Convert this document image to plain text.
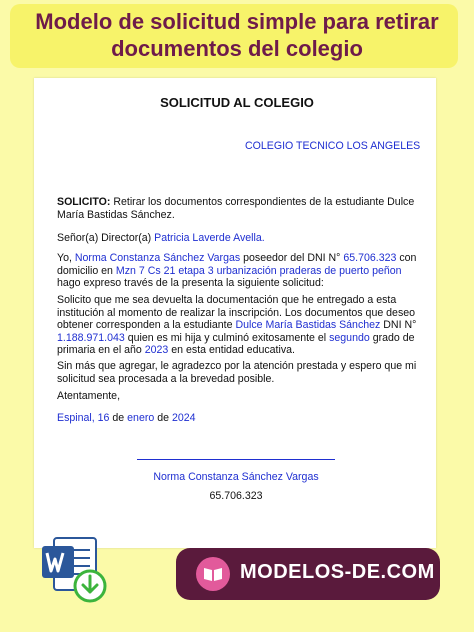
Modelo de solicitud simple para retirar documentos del colegio
SOLICITUD AL COLEGIO
COLEGIO TECNICO LOS ANGELES
SOLICITO: Retirar los documentos correspondientes de la estudiante Dulce María Bastidas Sánchez.
Señor(a) Director(a) Patricia Laverde Avella.
Yo, Norma Constanza Sánchez Vargas poseedor del DNI N° 65.706.323 con domicilio en Mzn 7 Cs 21 etapa 3 urbanización praderas de puerto peñon hago expreso través de la presenta la siguiente solicitud:
Solicito que me sea devuelta la documentación que he entregado a esta institución al momento de realizar la inscripción. Los documentos que deseo obtener corresponden a la estudiante Dulce María Bastidas Sánchez DNI N° 1.188.971.043 quien es mi hija y culminó exitosamente el segundo grado de primaria en el año 2023 en esta entidad educativa.
Sin más que agregar, le agradezco por la atención prestada y espero que mi solicitud sea procesada a la brevedad posible.
Atentamente,
Espinal, 16 de enero de 2024
Norma Constanza Sánchez Vargas
65.706.323
MODELOS-DE.COM
